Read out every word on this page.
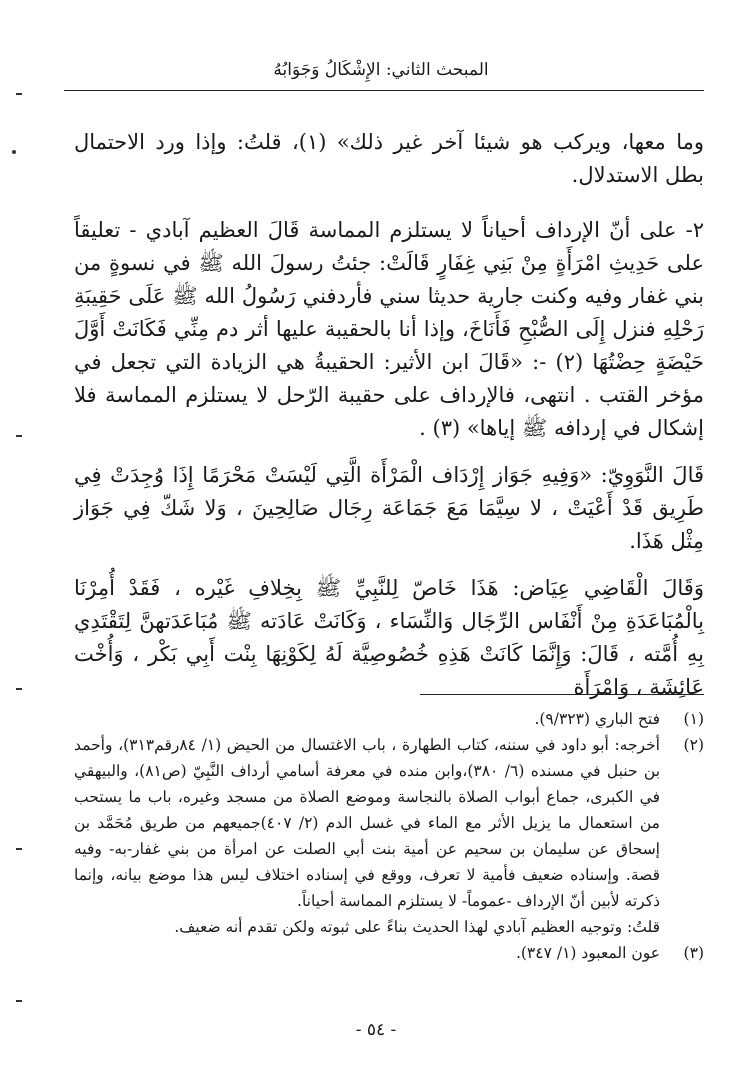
المبحث الثاني: الإِشْكَالُ وَجَوَابُهُ

وما معها، ويركب هو شيئا آخر غير ذلك» (١)، قلتُ: وإذا ورد الاحتمال بطل الاستدلال.

٢- على أنّ الإرداف أحياناً لا يستلزم المماسة قَالَ العظيم آبادي - تعليقاً على حَدِيثِ امْرَأَةٍ مِنْ بَنِي غِفَارٍ قَالَتْ: جئتُ رسولَ الله ﷺ في نسوةٍ من بني غفار وفيه وكنت جارية حديثا سني فأردفني رَسُولُ الله ﷺ عَلَى حَقِيبَةِ رَحْلِهِ فنزل إِلَى الصُّبْحِ فَأَنَاخَ، وإذا أنا بالحقيبة عليها أثر دم مِنِّي فَكَانَتْ أَوَّلَ حَيْضَةٍ حِضْتُهَا (٢) -: «قَالَ ابن الأثير: الحقيبةُ هي الزيادة التي تجعل في مؤخر القتب . انتهى، فالإرداف على حقيبة الرّحل لا يستلزم المماسة فلا إشكال في إردافه ﷺ إياها» (٣) .

قَالَ النَّوَوِيّ: «وَفِيهِ جَوَاز إِرْدَاف الْمَرْأَة الَّتِي لَيْسَتْ مَحْرَمًا إِذَا وُجِدَتْ فِي طَرِيق قَدْ أَعْيَتْ ، لا سِيَّمَا مَعَ جَمَاعَة رِجَال صَالِحِينَ ، وَلا شَكّ فِي جَوَاز مِثْل هَذَا.

وَقَالَ الْقَاضِي عِيَاض: هَذَا خَاصّ لِلنَّبِيِّ ﷺ بِخِلافِ غَيْره ، فَقَدْ أُمِرْنَا بِالْمُبَاعَدَةِ مِنْ أَنْفَاس الرِّجَال وَالنِّسَاء ، وَكَانَتْ عَادَته ﷺ مُبَاعَدَتهنَّ لِتَقْتَدِي بِهِ أُمَّته ، قَالَ: وَإِنَّمَا كَانَتْ هَذِهِ خُصُوصِيَّة لَهُ لِكَوْنِهَا بِنْت أَبِي بَكْر ، وَأُخْت عَائِشَة ، وَامْرَأَة

(١)
فتح الباري (٩/٣٢٣).
(٢)
أخرجه: أبو داود في سننه، كتاب الطهارة ، باب الاغتسال من الحيض (١/ ٨٤رقم٣١٣)، وأحمد بن حنبل في مسنده (٦/ ٣٨٠)،وابن منده في معرفة أسامي أرداف النَّبِيّ (ص٨١)، والبيهقي في الكبرى، جماع أبواب الصلاة بالنجاسة وموضع الصلاة من مسجد وغيره، باب ما يستحب من استعمال ما يزيل الأثر مع الماء في غسل الدم (٢/ ٤٠٧)جميعهم من طريق مُحَمَّد بن إسحاق عن سليمان بن سحيم عن أمية بنت أبي الصلت عن امرأة من بني غفار-به- وفيه قصة. وإسناده ضعيف فأمية لا تعرف، ووقع في إسناده اختلاف ليس هذا موضع بيانه، وإنما ذكرته لأبين أنّ الإرداف -عموماً- لا يستلزم المماسة أحياناً.
قلتُ: وتوجيه العظيم آبادي لهذا الحديث بناءً على ثبوته ولكن تقدم أنه ضعيف.
(٣)
عون المعبود (١/ ٣٤٧).
- ٥٤ -
